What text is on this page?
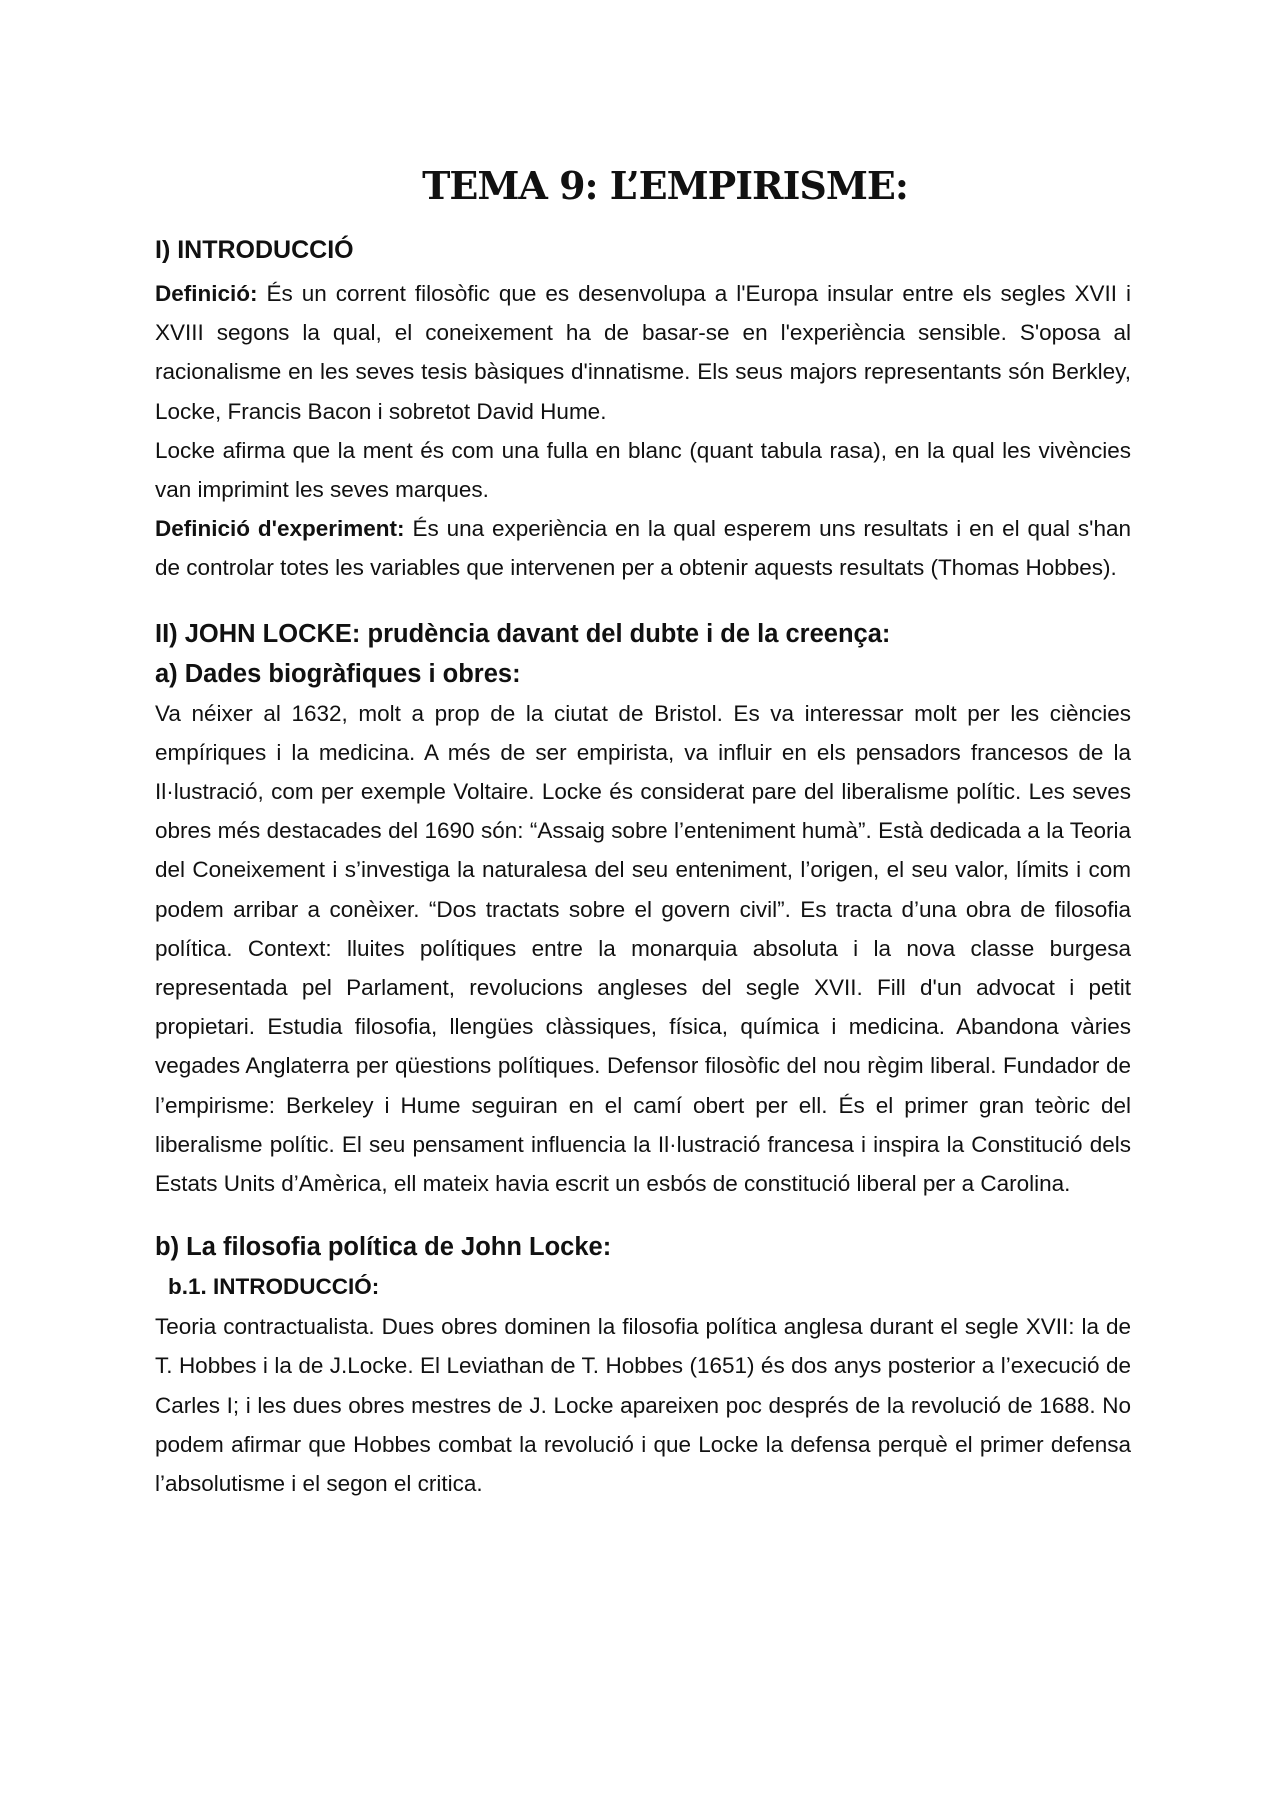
TEMA 9: L’EMPIRISME:
I) INTRODUCCIÓ

Definició: És un corrent filosòfic que es desenvolupa a l'Europa insular entre els segles XVII i XVIII segons la qual, el coneixement ha de basar-se en l'experiència sensible. S'oposa al racionalisme en les seves tesis bàsiques d'innatisme. Els seus majors representants són Berkley, Locke, Francis Bacon i sobretot David Hume.

Locke afirma que la ment és com una fulla en blanc (quant tabula rasa), en la qual les vivències van imprimint les seves marques.

Definició d'experiment: És una experiència en la qual esperem uns resultats i en el qual s'han de controlar totes les variables que intervenen per a obtenir aquests resultats (Thomas Hobbes).

II) JOHN LOCKE: prudència davant del dubte i de la creença:
a) Dades biogràfiques i obres:

Va néixer al 1632, molt a prop de la ciutat de Bristol. Es va interessar molt per les ciències empíriques i la medicina. A més de ser empirista, va influir en els pensadors francesos de la Il·lustració, com per exemple Voltaire. Locke és considerat pare del liberalisme polític. Les seves obres més destacades del 1690 són: “Assaig sobre l’enteniment humà”. Està dedicada a la Teoria del Coneixement i s’investiga la naturalesa del seu enteniment, l’origen, el seu valor, límits i com podem arribar a conèixer. “Dos tractats sobre el govern civil”. Es tracta d’una obra de filosofia política. Context: lluites polítiques entre la monarquia absoluta i la nova classe burgesa representada pel Parlament, revolucions angleses del segle XVII. Fill d'un advocat i petit propietari. Estudia filosofia, llengües clàssiques, física, química i medicina. Abandona vàries vegades Anglaterra per qüestions polítiques. Defensor filosòfic del nou règim liberal. Fundador de l’empirisme: Berkeley i Hume seguiran en el camí obert per ell. És el primer gran teòric del liberalisme polític. El seu pensament influencia la Il·lustració francesa i inspira la Constitució dels Estats Units d’Amèrica, ell mateix havia escrit un esbós de constitució liberal per a Carolina.

b) La filosofia política de John Locke:
b.1. INTRODUCCIÓ:

Teoria contractualista. Dues obres dominen la filosofia política anglesa durant el segle XVII: la de T. Hobbes i la de J.Locke. El Leviathan de T. Hobbes (1651) és dos anys posterior a l’execució de Carles I; i les dues obres mestres de J. Locke apareixen poc després de la revolució de 1688. No podem afirmar que Hobbes combat la revolució i que Locke la defensa perquè el primer defensa l’absolutisme i el segon el critica.
